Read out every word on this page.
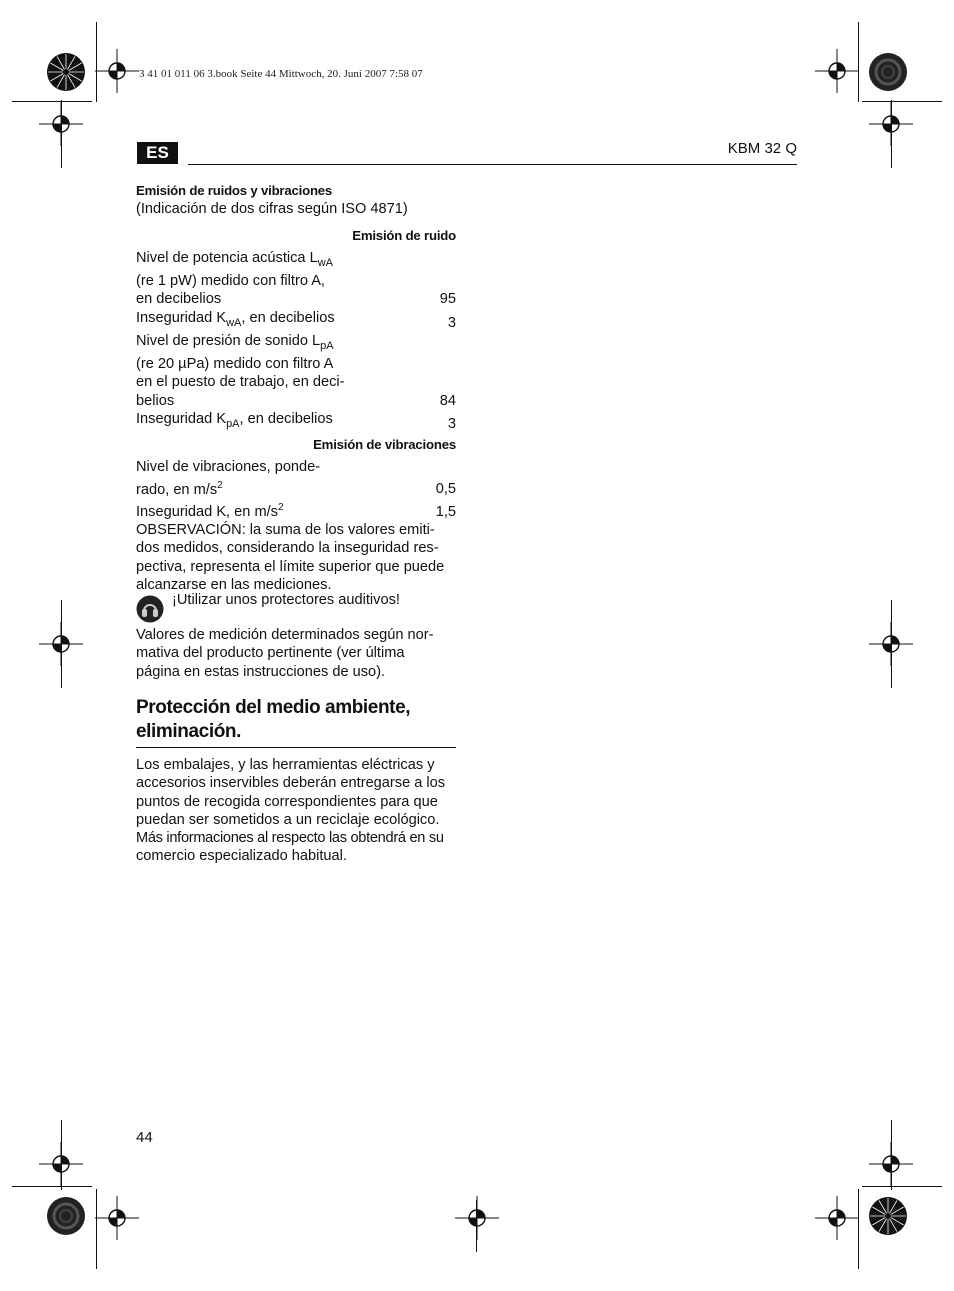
3 41 01 011 06 3.book Seite 44 Mittwoch, 20. Juni 2007 7:58 07
ES	KBM 32 Q
Emisión de ruidos y vibraciones
(Indicación de dos cifras según ISO 4871)
Emisión de ruido
Nivel de potencia acústica $L_{wA}$
(re 1 pW) medido con filtro A,
en decibelios	95
Inseguridad $K_{wA}$, en decibelios	3
Nivel de presión de sonido $L_{pA}$
(re 20 µPa) medido con filtro A
en el puesto de trabajo, en deci-
belios	84
Inseguridad $K_{pA}$, en decibelios	3
Emisión de vibraciones
Nivel de vibraciones, ponde-
rado, en $m/s^2$	0,5
Inseguridad K, en $m/s^2$	1,5
OBSERVACIÓN: la suma de los valores emiti-
dos medidos, considerando la inseguridad res-
pectiva, representa el límite superior que puede
alcanzarse en las mediciones.
¡Utilizar unos protectores auditivos!
Valores de medición determinados según nor-
mativa del producto pertinente (ver última
página en estas instrucciones de uso).
Protección del medio ambiente,
eliminación.
Los embalajes, y las herramientas eléctricas y
accesorios inservibles deberán entregarse a los
puntos de recogida correspondientes para que
puedan ser sometidos a un reciclaje ecológico.
Más informaciones al respecto las obtendrá en su
comercio especializado habitual.
44
